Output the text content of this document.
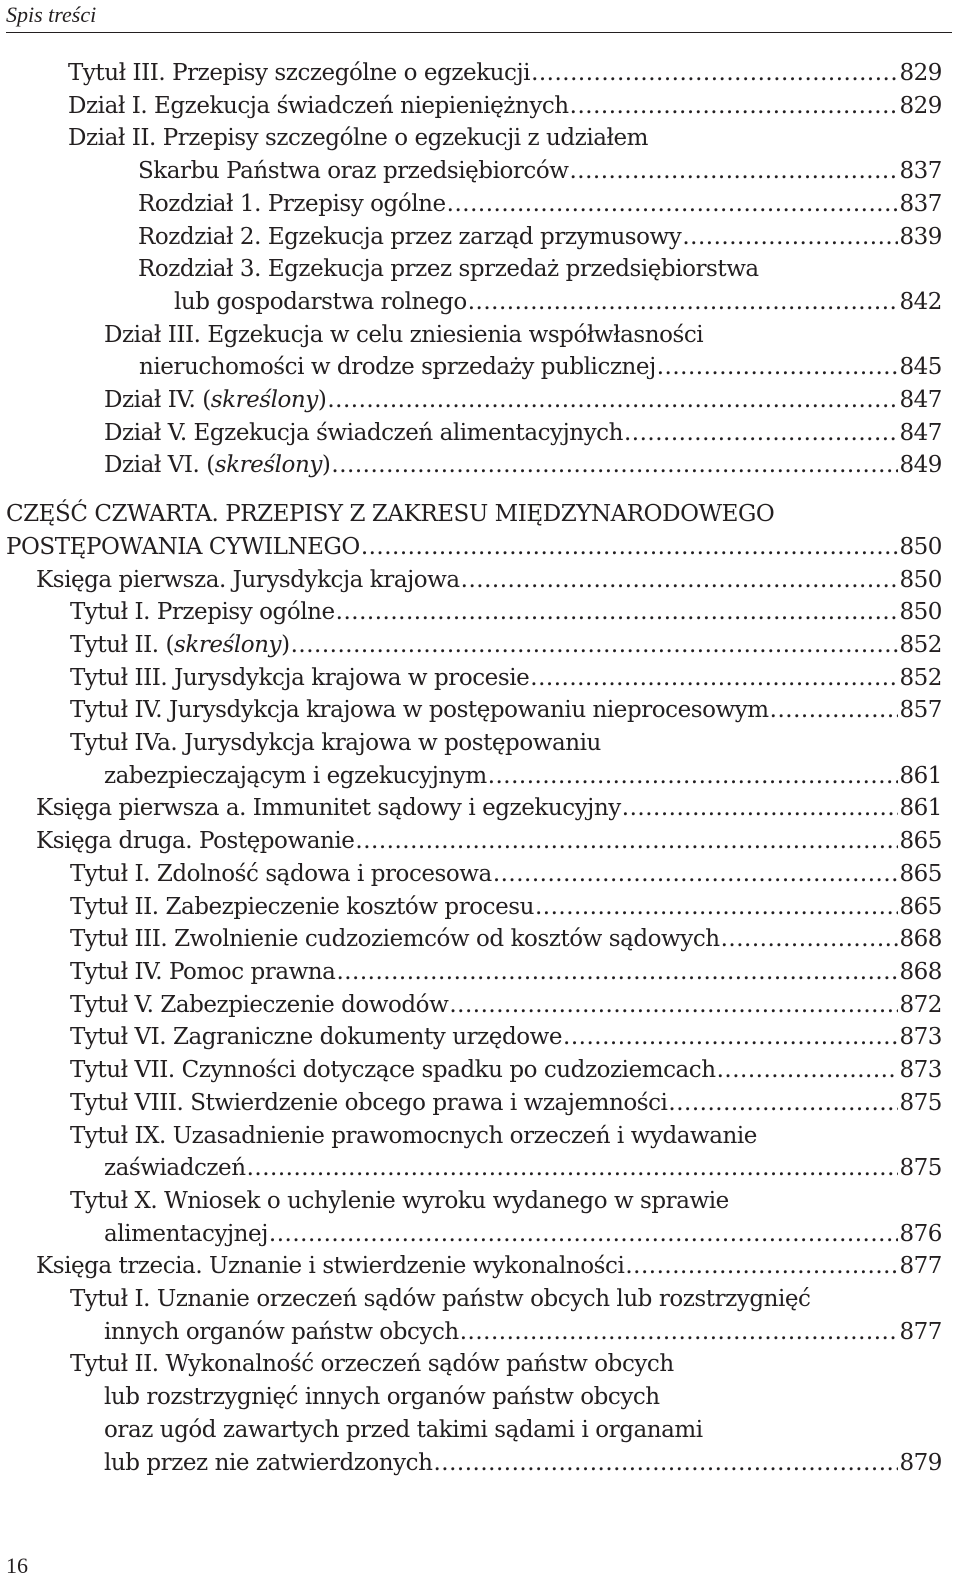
Spis treści
Tytuł III. Przepisy szczególne o egzekucji .....	829
Dział I. Egzekucja świadczeń niepieniężnych .....	829
Dział II. Przepisy szczególne o egzekucji z udziałem
Skarbu Państwa oraz przedsiębiorców .....	837
Rozdział 1. Przepisy ogólne .....	837
Rozdział 2. Egzekucja przez zarząd przymusowy .....	839
Rozdział 3. Egzekucja przez sprzedaż przedsiębiorstwa
lub gospodarstwa rolnego .....	842
Dział III. Egzekucja w celu zniesienia współwłasności
nieruchomości w drodze sprzedaży publicznej .....	845
Dział IV. (skreślony) .....	847
Dział V. Egzekucja świadczeń alimentacyjnych .....	847
Dział VI. (skreślony) .....	849
CZĘŚĆ CZWARTA. PRZEPISY Z ZAKRESU MIĘDZYNARODOWEGO
POSTĘPOWANIA CYWILNEGO .....	850
Księga pierwsza. Jurysdykcja krajowa .....	850
Tytuł I. Przepisy ogólne .....	850
Tytuł II. (skreślony) .....	852
Tytuł III. Jurysdykcja krajowa w procesie .....	852
Tytuł IV. Jurysdykcja krajowa w postępowaniu nieprocesowym .....	857
Tytuł IVa. Jurysdykcja krajowa w postępowaniu
zabezpieczającym i egzekucyjnym .....	861
Księga pierwsza a. Immunitet sądowy i egzekucyjny .....	861
Księga druga. Postępowanie .....	865
Tytuł I. Zdolność sądowa i procesowa .....	865
Tytuł II. Zabezpieczenie kosztów procesu .....	865
Tytuł III. Zwolnienie cudzoziemców od kosztów sądowych .....	868
Tytuł IV. Pomoc prawna .....	868
Tytuł V. Zabezpieczenie dowodów .....	872
Tytuł VI. Zagraniczne dokumenty urzędowe .....	873
Tytuł VII. Czynności dotyczące spadku po cudzoziemcach .....	873
Tytuł VIII. Stwierdzenie obcego prawa i wzajemności .....	875
Tytuł IX. Uzasadnienie prawomocnych orzeczeń i wydawanie
zaświadczeń .....	875
Tytuł X. Wniosek o uchylenie wyroku wydanego w sprawie
alimentacyjnej .....	876
Księga trzecia. Uznanie i stwierdzenie wykonalności .....	877
Tytuł I. Uznanie orzeczeń sądów państw obcych lub rozstrzygnięć
innych organów państw obcych .....	877
Tytuł II. Wykonalność orzeczeń sądów państw obcych
lub rozstrzygnięć innych organów państw obcych
oraz ugód zawartych przed takimi sądami i organami
lub przez nie zatwierdzonych .....	879
16
